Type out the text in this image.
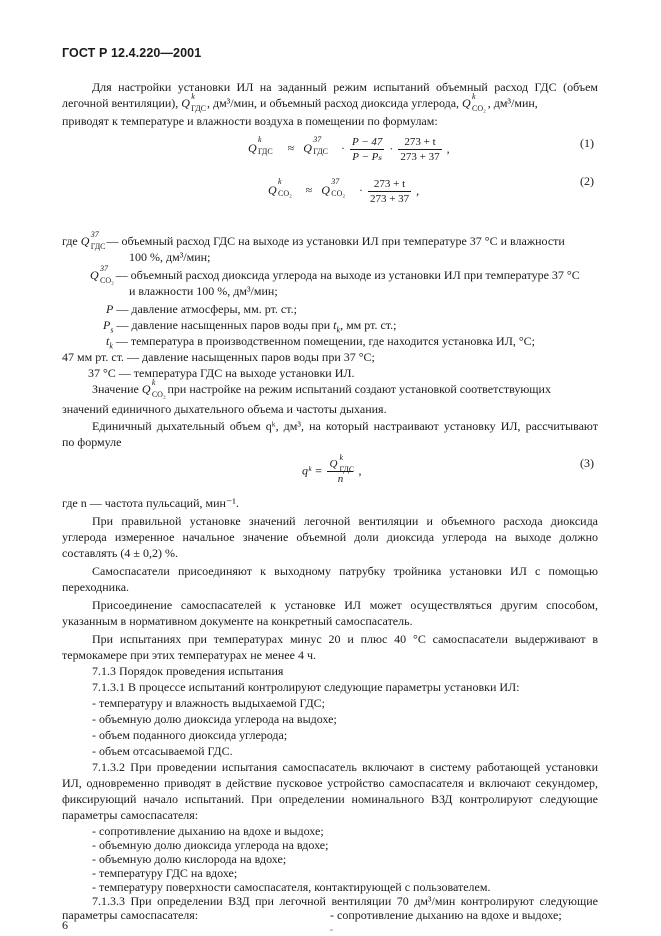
ГОСТ Р 12.4.220—2001
Для настройки установки ИЛ на заданный режим испытаний объемный расход ГДС (объем
легочной вентиляции), Q k
ГДС , дм³/мин, и объемный расход диоксида углерода, Q k
CO₂ , дм³/мин,
приводят к температуре и влажности воздуха в помещении по формулам:
Q
k
ГДС ≈ Q
37
ГДС · $\frac{P - 47}{\text{P − Pₛ}} \cdot \frac{273 + t}{273 + 37}$ ,	(1)
Q
k
CO₂ ≈ Q
37
$CO_2 \cdot \frac{273 + t}{273 + 37}$ ,
(2)
где Q 37
ГДС — объемный расход ГДС на выходе из установки ИЛ при температуре 37 °С и влажности
100 %, дм³/мин;
Q 37
CO₂ — объемный расход диоксида углерода на выходе из установки ИЛ при температуре 37 °С
и влажности 100 %, дм³/мин;
P — давление атмосферы, мм. рт. ст.;
$P_s$ — давление насыщенных паров воды при $t_k$, мм рт. ст.;
$t_k$ — температура в производственном помещении, где находится установка ИЛ, °С;
47 мм рт. ст. — давление насыщенных паров воды при 37 °С;
37 °С — температура ГДС на выходе установки ИЛ.
Значение Q k
CO₂ при настройке на режим испытаний создают установкой соответствующих
значений единичного дыхательного объема и частоты дыхания.
Единичный дыхательный объем qᵏ, дм³, на который настраивают установку ИЛ, рассчитывают
по формуле
qᵏ = Q
k
ГДС
n ,
(3)
где n — частота пульсаций, мин⁻¹.
При правильной установке значений легочной вентиляции и объемного расхода диоксида
углерода измеренное начальное значение объемной доли диоксида углерода на выходе должно
составлять (4 ± 0,2) %.
Самоспасатели присоединяют к выходному патрубку тройника установки ИЛ с помощью
переходника.
Присоединение самоспасателей к установке ИЛ может осуществляться другим способом,
указанным в нормативном документе на конкретный самоспасатель.
При испытаниях при температурах минус 20 и плюс 40 °С самоспасатели выдерживают в
термокамере при этих температурах не менее 4 ч.
7.1.3 Порядок проведения испытания
7.1.3.1 В процессе испытаний контролируют следующие параметры установки ИЛ:
- температуру и влажность выдыхаемой ГДС;
- объемную долю диоксида углерода на выдохе;
- объем поданного диоксида углерода;
- объем отсасываемой ГДС.
7.1.3.2 При проведении испытания самоспасатель включают в систему работающей установки
ИЛ, одновременно приводят в действие пусковое устройство самоспасателя и включают секундомер,
фиксирующий начало испытаний. При определении номинального ВЗД контролируют следующие
параметры самоспасателя:
- сопротивление дыханию на вдохе и выдохе;
- объемную долю диоксида углерода на вдохе;
- объемную долю кислорода на вдохе;
- температуру ГДС на вдохе;
- температуру поверхности самоспасателя, контактирующей с пользователем.
7.1.3.3 При определении ВЗД при легочной вентиляции 70 дм³/мин контролируют следующие
параметры самоспасателя:	- сопротивление дыханию на вдохе и выдохе;
6
